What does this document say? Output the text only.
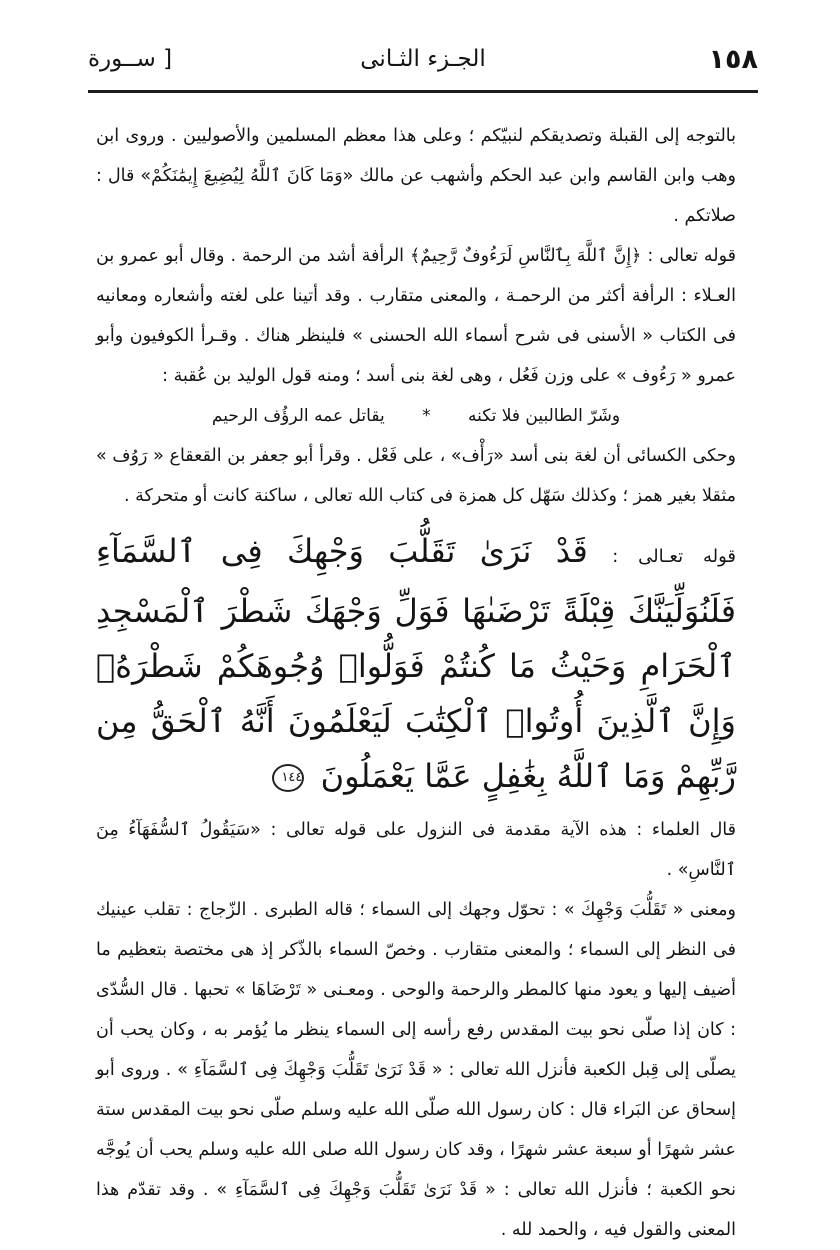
١٥٨
الجـزء الثـانى
[ ســورة

بالتوجه إلى القبلة وتصديقكم لنبيّكم ؛ وعلى هذا معظم المسلمين والأصوليين . وروى ابن وهب وابن القاسم وابن عبد الحكم وأشهب عن مالك «وَمَا كَانَ ٱللَّهُ لِيُضِيعَ إِيمَٰنَكُمْ» قال : صلاتكم .

قوله تعالى : ﴿إِنَّ ٱللَّهَ بِٱلنَّاسِ لَرَءُوفٌ رَّحِيمٌ﴾ الرأفة أشد من الرحمة . وقال أبو عمرو بن العـلاء : الرأفة أكثر من الرحمـة ، والمعنى متقارب . وقد أتينا على لغته وأشعاره ومعانيه فى الكتاب « الأسنى فى شرح أسماء الله الحسنى » فلينظر هناك . وقـرأ الكوفيون وأبو عمرو « رَءُوف » على وزن فَعُل ، وهى لغة بنى أسد ؛ ومنه قول الوليد بن عُقبة :

وشَرّ الطالبين فلا تكنه * يقاتل عمه الرؤُف الرحيم

وحكى الكسائى أن لغة بنى أسد «رَأْف» ، على فَعْل . وقرأ أبو جعفر بن القعقاع « رَوُف » مثقلا بغير همز ؛ وكذلك سَهّل كل همزة فى كتاب الله تعالى ، ساكنة كانت أو متحركة .

قوله تعـالى : قَدْ نَرَىٰ تَقَلُّبَ وَجْهِكَ فِى ٱلسَّمَآءِ فَلَنُوَلِّيَنَّكَ قِبْلَةً تَرْضَىٰهَا فَوَلِّ وَجْهَكَ شَطْرَ ٱلْمَسْجِدِ ٱلْحَرَامِ وَحَيْثُ مَا كُنتُمْ فَوَلُّوا۟ وُجُوهَكُمْ شَطْرَهُۥ وَإِنَّ ٱلَّذِينَ أُوتُوا۟ ٱلْكِتَٰبَ لَيَعْلَمُونَ أَنَّهُ ٱلْحَقُّ مِن رَّبِّهِمْ وَمَا ٱللَّهُ بِغَٰفِلٍ عَمَّا يَعْمَلُونَ ١٤٤

قال العلماء : هذه الآية مقدمة فى النزول على قوله تعالى : «سَيَقُولُ ٱلسُّفَهَآءُ مِنَ ٱلنَّاسِ» .

ومعنى « تَقَلُّبَ وَجْهِكَ » : تحوّل وجهك إلى السماء ؛ قاله الطبرى . الزّجاج : تقلب عينيك فى النظر إلى السماء ؛ والمعنى متقارب . وخصّ السماء بالذّكر إذ هى مختصة بتعظيم ما أضيف إليها و يعود منها كالمطر والرحمة والوحى . ومعـنى « تَرْضَاهَا » تحبها . قال السُّدّى : كان إذا صلّى نحو بيت المقدس رفع رأسه إلى السماء ينظر ما يُؤمر به ، وكان يحب أن يصلّى إلى قِبل الكعبة فأنزل الله تعالى : « قَدْ نَرَىٰ تَقَلُّبَ وَجْهِكَ فِى ٱلسَّمَآءِ » . وروى أبو إسحاق عن البَراء قال : كان رسول الله صلّى الله عليه وسلم صلّى نحو بيت المقدس ستة عشر شهرًا أو سبعة عشر شهرًا ، وقد كان رسول الله صلى الله عليه وسلم يحب أن يُوجَّه نحو الكعبة ؛ فأنزل الله تعالى : « قَدْ نَرَىٰ تَقَلُّبَ وَجْهِكَ فِى ٱلسَّمَآءِ » . وقد تقدّم هذا المعنى والقول فيه ، والحمد لله .
